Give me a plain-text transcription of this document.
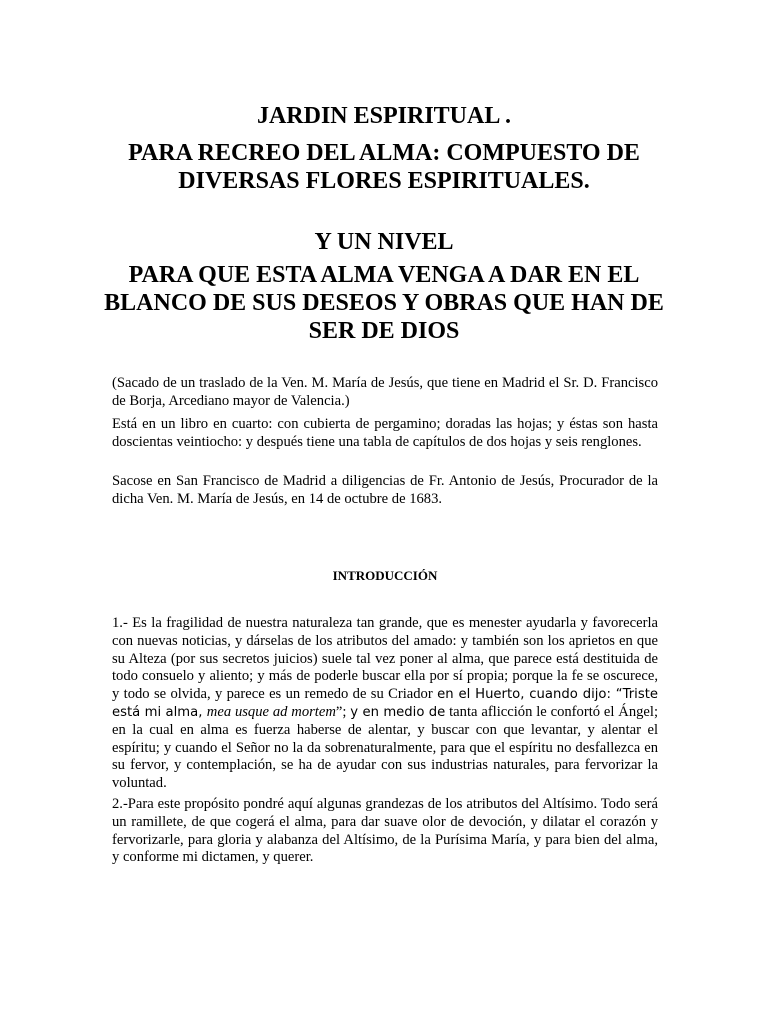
JARDIN ESPIRITUAL .
PARA RECREO DEL ALMA: COMPUESTO DE DIVERSAS FLORES ESPIRITUALES.
Y UN NIVEL
PARA QUE ESTA ALMA VENGA A DAR EN EL BLANCO DE SUS DESEOS Y OBRAS QUE HAN DE SER DE DIOS

(Sacado de un traslado de la Ven. M. María de Jesús, que tiene en Madrid el Sr. D. Francisco de Borja, Arcediano mayor de Valencia.)

Está en un libro en cuarto: con cubierta de pergamino; doradas las hojas; y éstas son hasta doscientas veintiocho: y después tiene una tabla de capítulos de dos hojas y seis renglones.

Sacose en San Francisco de Madrid a diligencias de Fr. Antonio de Jesús, Procurador de la dicha Ven. M. María de Jesús, en 14 de octubre de 1683.

INTRODUCCIÓN

1.- Es la fragilidad de nuestra naturaleza tan grande, que es menester ayudarla y favorecerla con nuevas noticias, y dárselas de los atributos del amado: y también son los aprietos en que su Alteza (por sus secretos juicios) suele tal vez poner al alma, que parece está destituida de todo consuelo y aliento; y más de poderle buscar ella por sí propia; porque la fe se oscurece, y todo se olvida, y parece es un remedo de su Criador en el Huerto, cuando dijo: “Triste está mi alma, mea usque ad mortem”; y en medio de tanta aflicción le confortó el Ángel; en la cual en alma es fuerza haberse de alentar, y buscar con que levantar, y alentar el espíritu; y cuando el Señor no la da sobrenaturalmente, para que el espíritu no desfallezca en su fervor, y contemplación, se ha de ayudar con sus industrias naturales, para fervorizar la voluntad.

2.-Para este propósito pondré aquí algunas grandezas de los atributos del Altísimo. Todo será un ramillete, de que cogerá el alma, para dar suave olor de devoción, y dilatar el corazón y fervorizarle, para gloria y alabanza del Altísimo, de la Purísima María, y para bien del alma, y conforme mi dictamen, y querer.
